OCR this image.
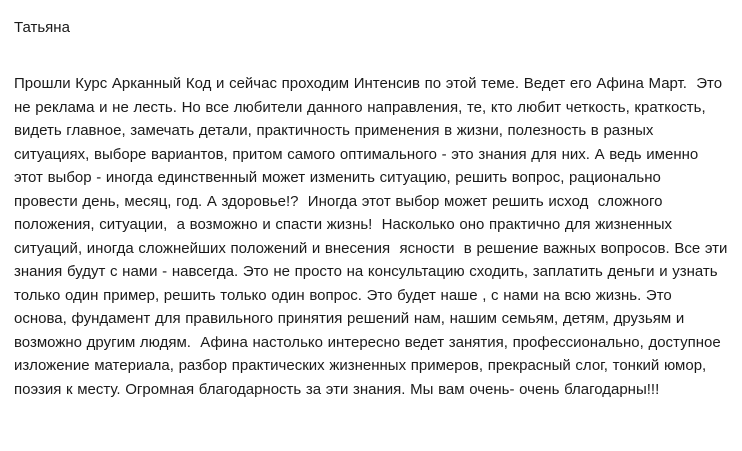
Татьяна
Прошли Курс Арканный Код и сейчас проходим Интенсив по этой теме. Ведет его Афина Март.  Это не реклама и не лесть. Но все любители данного направления, те, кто любит четкость, краткость,  видеть главное, замечать детали, практичность применения в жизни, полезность в разных ситуациях, выборе вариантов, притом самого оптимального - это знания для них. А ведь именно этот выбор - иногда единственный может изменить ситуацию, решить вопрос, рационально провести день, месяц, год. А здоровье!?  Иногда этот выбор может решить исход  сложного положения, ситуации,  а возможно и спасти жизнь!  Насколько оно практично для жизненных ситуаций, иногда сложнейших положений и внесения  ясности  в решение важных вопросов. Все эти знания будут с нами - навсегда. Это не просто на консультацию сходить, заплатить деньги и узнать только один пример, решить только один вопрос. Это будет наше , с нами на всю жизнь. Это основа, фундамент для правильного принятия решений нам, нашим семьям, детям, друзьям и возможно другим людям.  Афина настолько интересно ведет занятия, профессионально, доступное изложение материала, разбор практических жизненных примеров, прекрасный слог, тонкий юмор,  поэзия к месту. Огромная благодарность за эти знания. Мы вам очень- очень благодарны!!!
